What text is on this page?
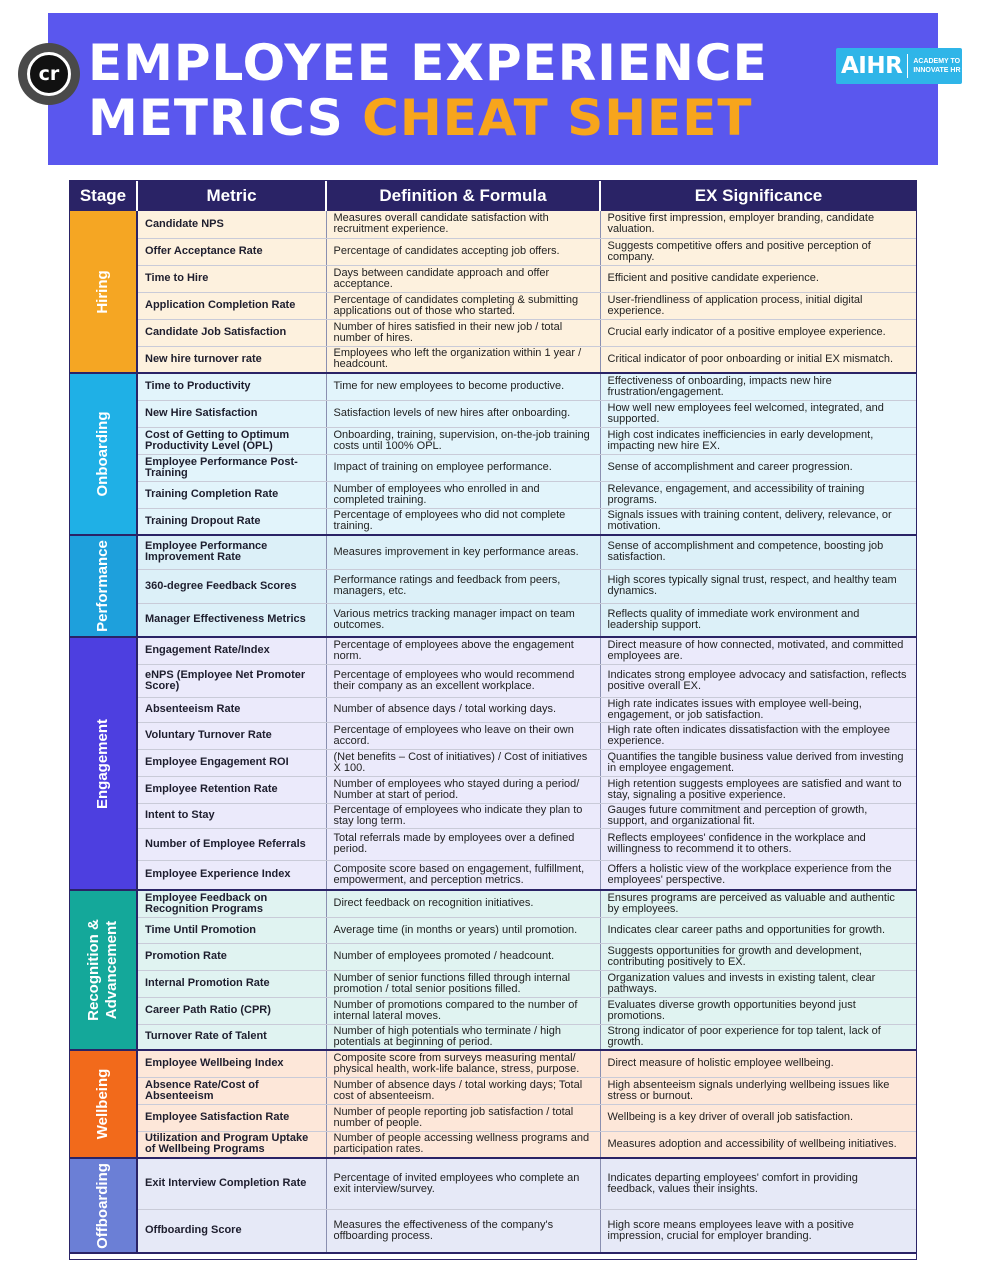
EMPLOYEE EXPERIENCE
METRICS CHEAT SHEET
AIHR ACADEMY TO
INNOVATE HR
cr
Stage	Metric	Definition & Formula	EX Significance

Hiring	Candidate NPS	Measures overall candidate satisfaction with recruitment experience.	Positive first impression, employer branding, candidate valuation.
	Offer Acceptance Rate	Percentage of candidates accepting job offers.	Suggests competitive offers and positive perception of company.
	Time to Hire	Days between candidate approach and offer acceptance.	Efficient and positive candidate experience.
	Application Completion Rate	Percentage of candidates completing & submitting applications out of those who started.	User-friendliness of application process, initial digital experience.
	Candidate Job Satisfaction	Number of hires satisfied in their new job / total number of hires.	Crucial early indicator of a positive employee experience.
	New hire turnover rate	Employees who left the organization within 1 year / headcount.	Critical indicator of poor onboarding or initial EX mismatch.

Onboarding	Time to Productivity	Time for new employees to become productive.	Effectiveness of onboarding, impacts new hire frustration/engagement.
	New Hire Satisfaction	Satisfaction levels of new hires after onboarding.	How well new employees feel welcomed, integrated, and supported.
	Cost of Getting to Optimum Productivity Level (OPL)	Onboarding, training, supervision, on-the-job training costs until 100% OPL.	High cost indicates inefficiencies in early development, impacting new hire EX.
	Employee Performance Post-Training	Impact of training on employee performance.	Sense of accomplishment and career progression.
	Training Completion Rate	Number of employees who enrolled in and completed training.	Relevance, engagement, and accessibility of training programs.
	Training Dropout Rate	Percentage of employees who did not complete training.	Signals issues with training content, delivery, relevance, or motivation.

Performance	Employee Performance Improvement Rate	Measures improvement in key performance areas.	Sense of accomplishment and competence, boosting job satisfaction.
	360-degree Feedback Scores	Performance ratings and feedback from peers, managers, etc.	High scores typically signal trust, respect, and healthy team dynamics.
	Manager Effectiveness Metrics	Various metrics tracking manager impact on team outcomes.	Reflects quality of immediate work environment and leadership support.

Engagement	Engagement Rate/Index	Percentage of employees above the engagement norm.	Direct measure of how connected, motivated, and committed employees are.
	eNPS (Employee Net Promoter Score)	Percentage of employees who would recommend their company as an excellent workplace.	Indicates strong employee advocacy and satisfaction, reflects positive overall EX.
	Absenteeism Rate	Number of absence days / total working days.	High rate indicates issues with employee well-being, engagement, or job satisfaction.
	Voluntary Turnover Rate	Percentage of employees who leave on their own accord.	High rate often indicates dissatisfaction with the employee experience.
	Employee Engagement ROI	(Net benefits – Cost of initiatives) / Cost of initiatives X 100.	Quantifies the tangible business value derived from investing in employee engagement.
	Employee Retention Rate	Number of employees who stayed during a period/ Number at start of period.	High retention suggests employees are satisfied and want to stay, signaling a positive experience.
	Intent to Stay	Percentage of employees who indicate they plan to stay long term.	Gauges future commitment and perception of growth, support, and organizational fit.
	Number of Employee Referrals	Total referrals made by employees over a defined period.	Reflects employees' confidence in the workplace and willingness to recommend it to others.
	Employee Experience Index	Composite score based on engagement, fulfillment, empowerment, and perception metrics.	Offers a holistic view of the workplace experience from the employees' perspective.

Recognition &
Advancement	Employee Feedback on Recognition Programs	Direct feedback on recognition initiatives.	Ensures programs are perceived as valuable and authentic by employees.
	Time Until Promotion	Average time (in months or years) until promotion.	Indicates clear career paths and opportunities for growth.
	Promotion Rate	Number of employees promoted / headcount.	Suggests opportunities for growth and development, contributing positively to EX.
	Internal Promotion Rate	Number of senior functions filled through internal promotion / total senior positions filled.	Organization values and invests in existing talent, clear pathways.
	Career Path Ratio (CPR)	Number of promotions compared to the number of internal lateral moves.	Evaluates diverse growth opportunities beyond just promotions.
	Turnover Rate of Talent	Number of high potentials who terminate / high potentials at beginning of period.	Strong indicator of poor experience for top talent, lack of growth.

Wellbeing	Employee Wellbeing Index	Composite score from surveys measuring mental/ physical health, work-life balance, stress, purpose.	Direct measure of holistic employee wellbeing.
	Absence Rate/Cost of Absenteeism	Number of absence days / total working days; Total cost of absenteeism.	High absenteeism signals underlying wellbeing issues like stress or burnout.
	Employee Satisfaction Rate	Number of people reporting job satisfaction / total number of people.	Wellbeing is a key driver of overall job satisfaction.
	Utilization and Program Uptake of Wellbeing Programs	Number of people accessing wellness programs and participation rates.	Measures adoption and accessibility of wellbeing initiatives.

Offboarding	Exit Interview Completion Rate	Percentage of invited employees who complete an exit interview/survey.	Indicates departing employees' comfort in providing feedback, values their insights.
	Offboarding Score	Measures the effectiveness of the company's offboarding process.	High score means employees leave with a positive impression, crucial for employer branding.
